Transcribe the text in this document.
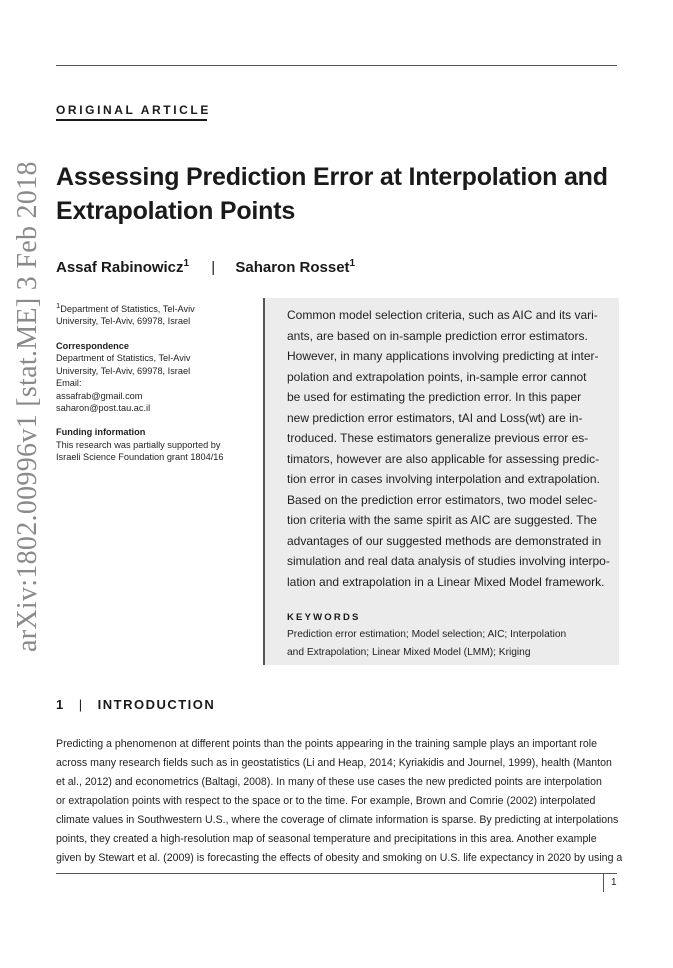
ORIGINAL ARTICLE
arXiv:1802.00996v1 [stat.ME] 3 Feb 2018 Assessing Prediction Error at Interpolation and
Extrapolation Points
Assaf Rabinowicz$^1$ | Saharon Rosset$^1$
$^1$Department of Statistics, Tel-Aviv
University, Tel-Aviv, 69978, Israel
Correspondence
Department of Statistics, Tel-Aviv
University, Tel-Aviv, 69978, Israel
Email:
assafrab@gmail.com
saharon@post.tau.ac.il
Funding information
This research was partially supported by
Israeli Science Foundation grant 1804/16
Common model selection criteria, such as AIC and its vari-
ants, are based on in-sample prediction error estimators.
However, in many applications involving predicting at inter-
polation and extrapolation points, in-sample error cannot
be used for estimating the prediction error. In this paper
new prediction error estimators, tAI and Loss(wt) are in-
troduced. These estimators generalize previous error es-
timators, however are also applicable for assessing predic-
tion error in cases involving interpolation and extrapolation.
Based on the prediction error estimators, two model selec-
tion criteria with the same spirit as AIC are suggested. The
advantages of our suggested methods are demonstrated in
simulation and real data analysis of studies involving interpo-
lation and extrapolation in a Linear Mixed Model framework.
KEYWORDS
Prediction error estimation; Model selection; AIC; Interpolation
and Extrapolation; Linear Mixed Model (LMM); Kriging
1 | INTRODUCTION
Predicting a phenomenon at different points than the points appearing in the training sample plays an important role
across many research fields such as in geostatistics (Li and Heap, 2014; Kyriakidis and Journel, 1999), health (Manton
et al., 2012) and econometrics (Baltagi, 2008). In many of these use cases the new predicted points are interpolation
or extrapolation points with respect to the space or to the time. For example, Brown and Comrie (2002) interpolated
climate values in Southwestern U.S., where the coverage of climate information is sparse. By predicting at interpolations
points, they created a high-resolution map of seasonal temperature and precipitations in this area. Another example
given by Stewart et al. (2009) is forecasting the effects of obesity and smoking on U.S. life expectancy in 2020 by using a
1
